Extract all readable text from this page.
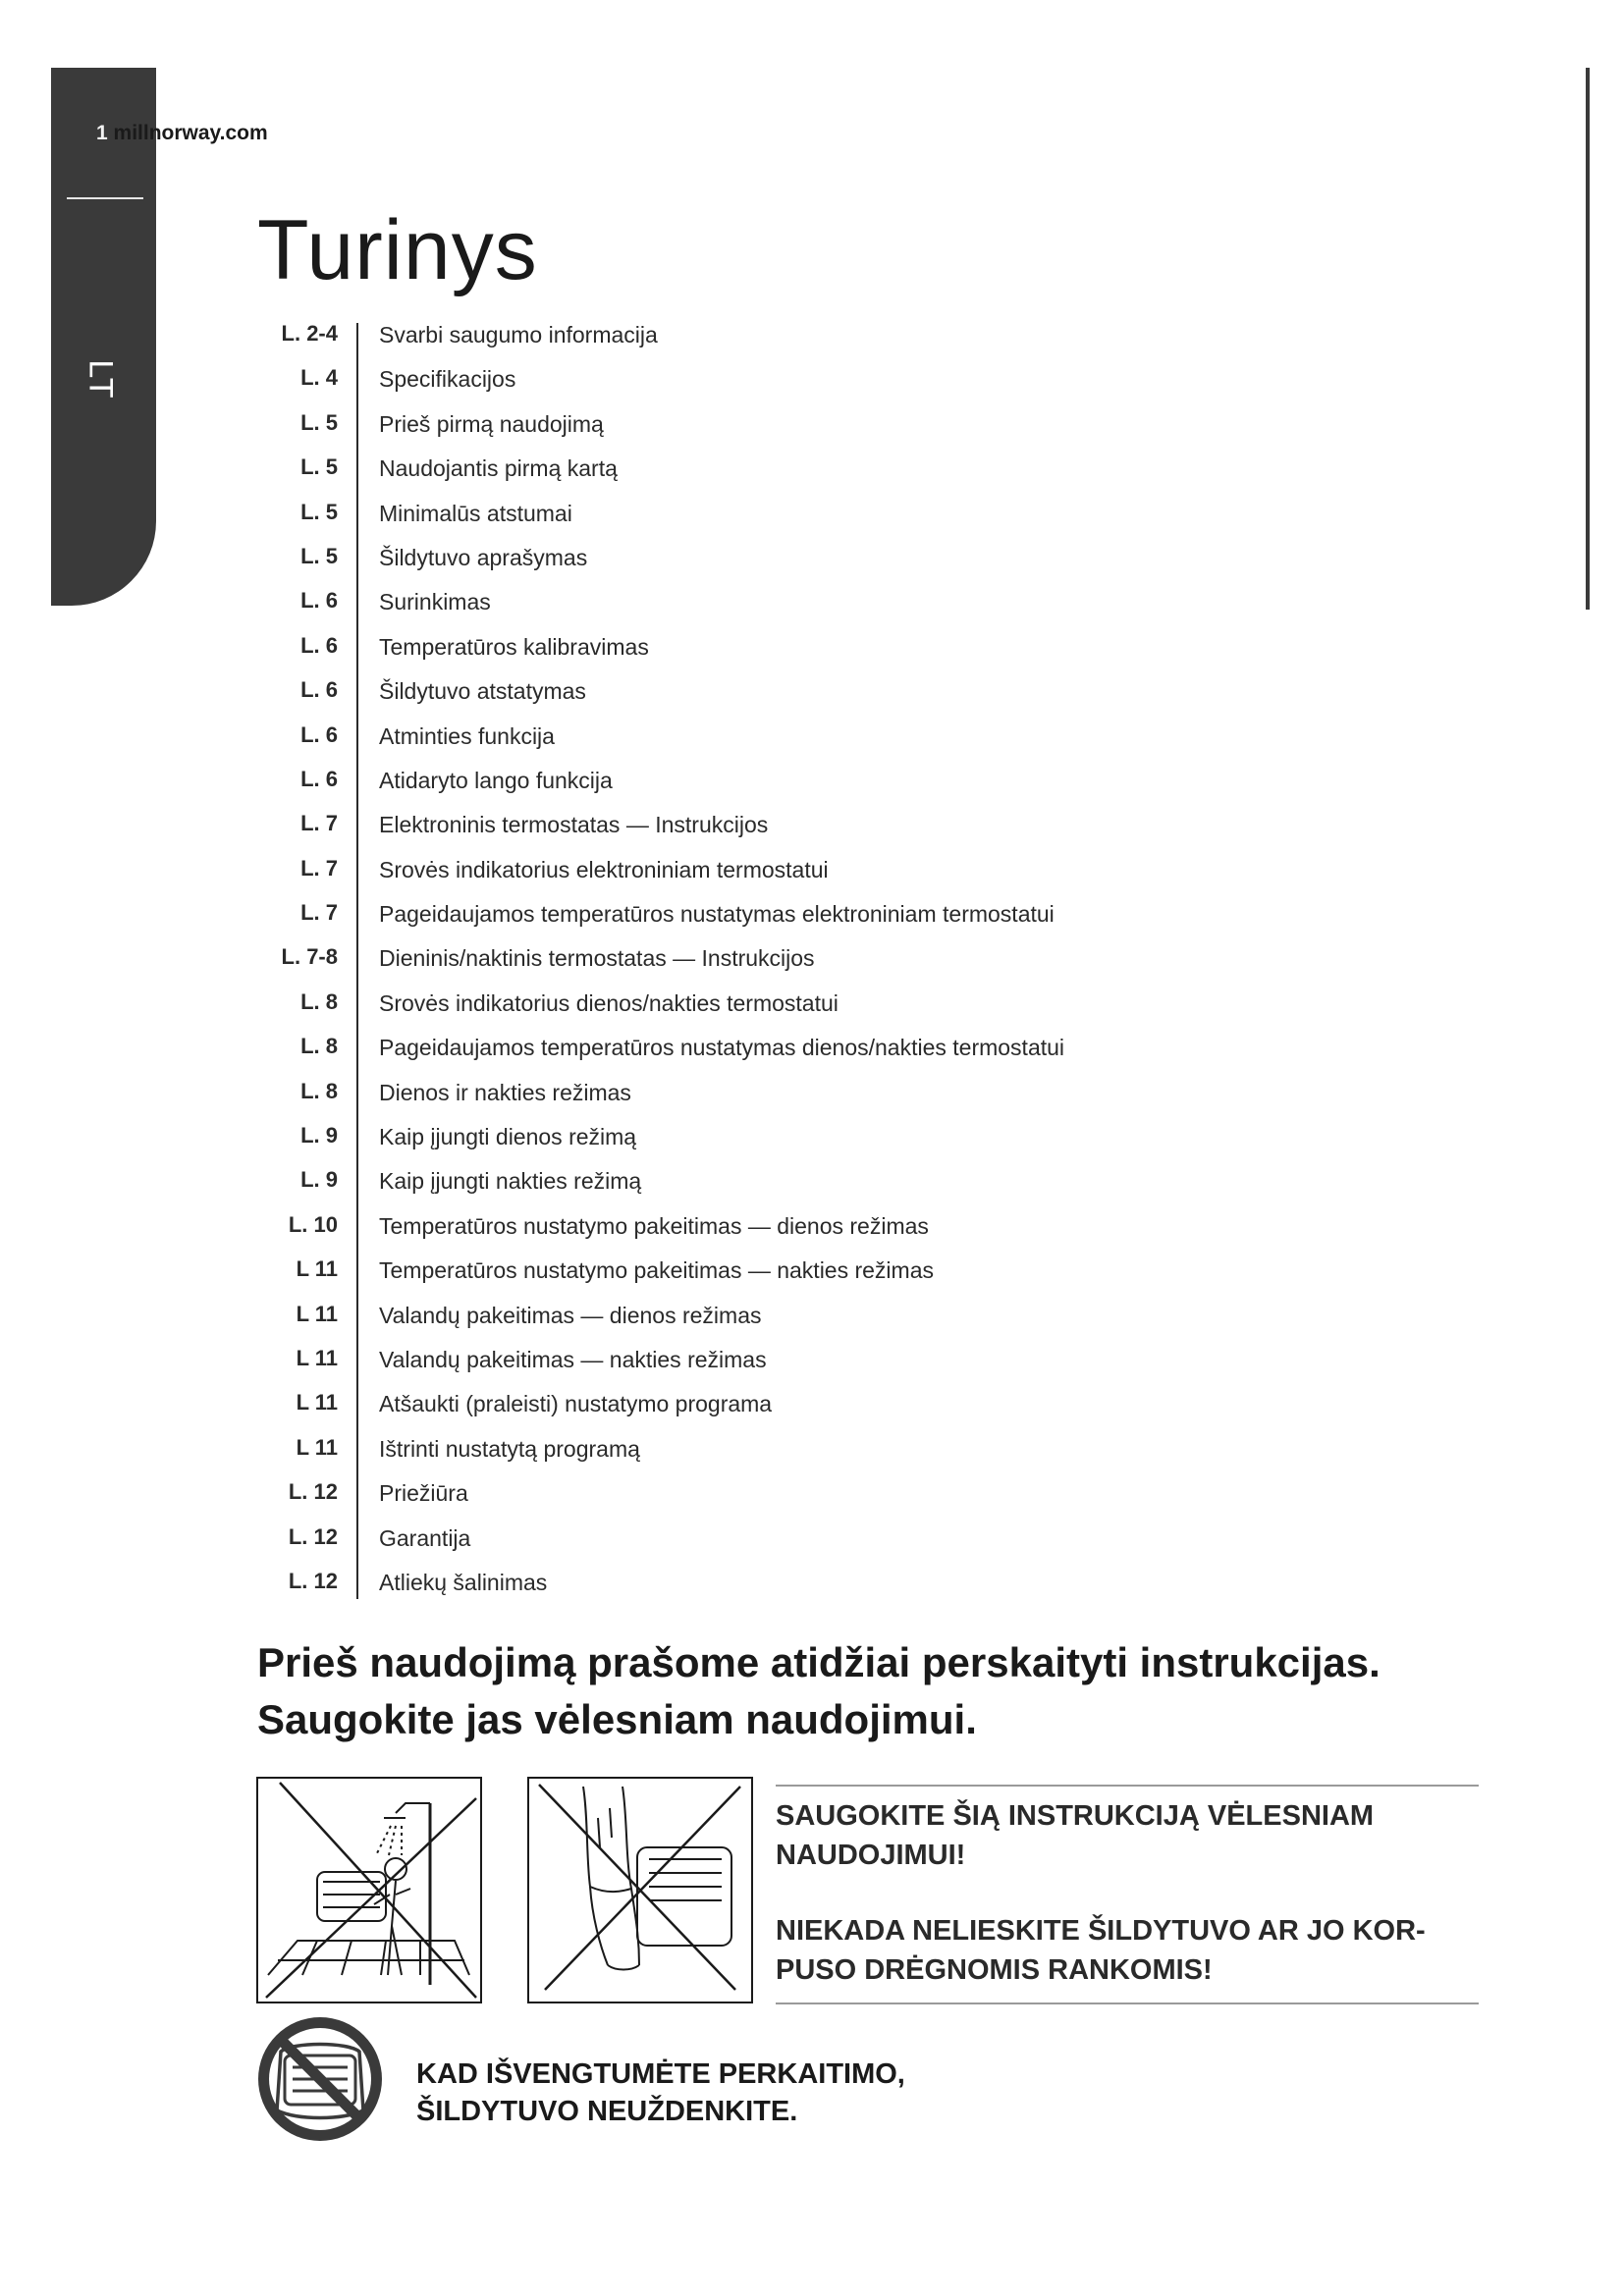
LT
1 millnorway.com
Turinys
L. 2-4 Svarbi saugumo informacija
L. 4 Specifikacijos
L. 5 Prieš pirmą naudojimą
L. 5 Naudojantis pirmą kartą
L. 5 Minimalūs atstumai
L. 5 Šildytuvo aprašymas
L. 6 Surinkimas
L. 6 Temperatūros kalibravimas
L. 6 Šildytuvo atstatymas
L. 6 Atminties funkcija
L. 6 Atidaryto lango funkcija
L. 7 Elektroninis termostatas — Instrukcijos
L. 7 Srovės indikatorius elektroniniam termostatui
L. 7 Pageidaujamos temperatūros nustatymas elektroniniam termostatui
L. 7-8 Dieninis/naktinis termostatas — Instrukcijos
L. 8 Srovės indikatorius dienos/nakties termostatui
L. 8 Pageidaujamos temperatūros nustatymas dienos/nakties termostatui
L. 8 Dienos ir nakties režimas
L. 9 Kaip įjungti dienos režimą
L. 9 Kaip įjungti nakties režimą
L. 10 Temperatūros nustatymo pakeitimas — dienos režimas
L 11 Temperatūros nustatymo pakeitimas — nakties režimas
L 11 Valandų pakeitimas — dienos režimas
L 11 Valandų pakeitimas — nakties režimas
L 11 Atšaukti (praleisti) nustatymo programa
L 11 Ištrinti nustatytą programą
L. 12 Priežiūra
L. 12 Garantija
L. 12 Atliekų šalinimas

Prieš naudojimą prašome atidžiai perskaityti instrukcijas.
Saugokite jas vėlesniam naudojimui.

SAUGOKITE ŠIĄ INSTRUKCIJĄ VĖLESNIAM NAUDOJIMUI!

NIEKADA NELIESKITE ŠILDYTUVO AR JO KOR-PUSO DRĖGNOMIS RANKOMIS!

KAD IŠVENGTUMĖTE PERKAITIMO,
ŠILDYTUVO NEUŽDENKITE.
